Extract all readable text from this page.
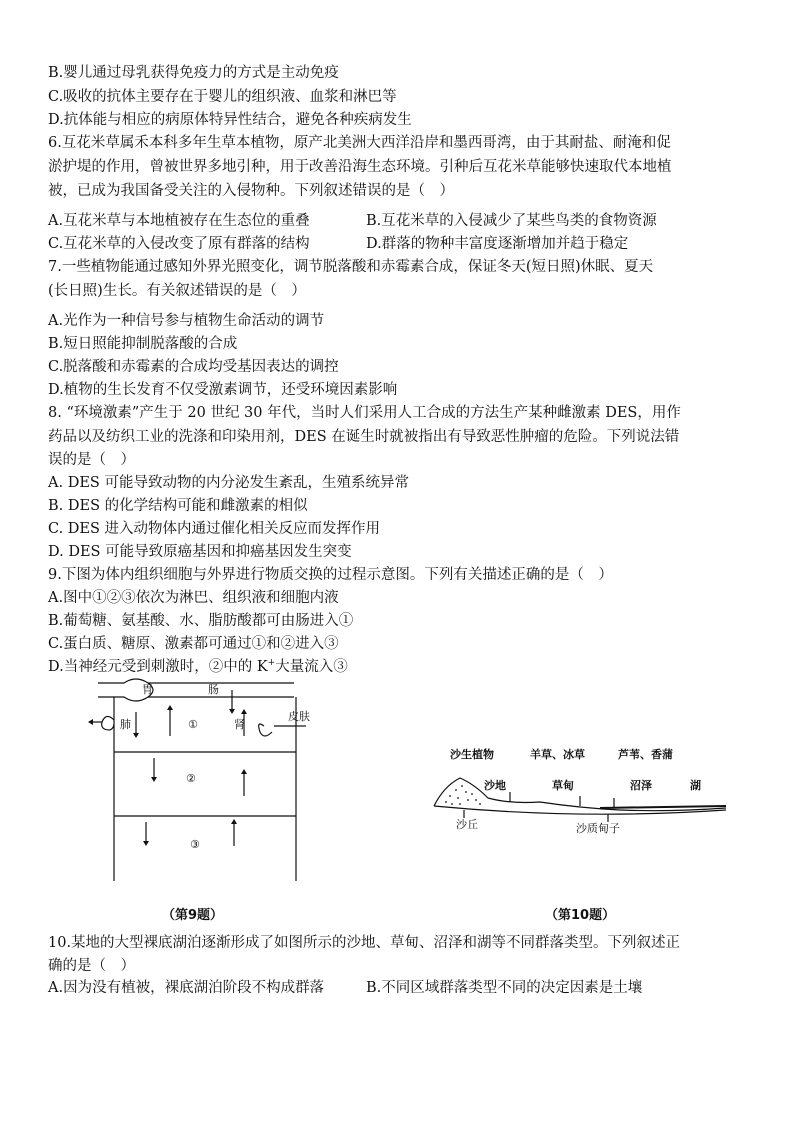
B.婴儿通过母乳获得免疫力的方式是主动免疫
C.吸收的抗体主要存在于婴儿的组织液、血浆和淋巴等
D.抗体能与相应的病原体特异性结合，避免各种疾病发生
6.互花米草属禾本科多年生草本植物，原产北美洲大西洋沿岸和墨西哥湾，由于其耐盐、耐淹和促
淤护堤的作用，曾被世界多地引种，用于改善沿海生态环境。引种后互花米草能够快速取代本地植
被，已成为我国备受关注的入侵物种。下列叙述错误的是（　）
A.互花米草与本地植被存在生态位的重叠	B.互花米草的入侵减少了某些鸟类的食物资源
C.互花米草的入侵改变了原有群落的结构	D.群落的物种丰富度逐渐增加并趋于稳定
7.一些植物能通过感知外界光照变化，调节脱落酸和赤霉素合成，保证冬天(短日照)休眠、夏天
(长日照)生长。有关叙述错误的是（　）
A.光作为一种信号参与植物生命活动的调节
B.短日照能抑制脱落酸的合成
C.脱落酸和赤霉素的合成均受基因表达的调控
D.植物的生长发育不仅受激素调节，还受环境因素影响
8. “环境激素”产生于 20 世纪 30 年代，当时人们采用人工合成的方法生产某种雌激素 DES，用作
药品以及纺织工业的洗涤和印染用剂，DES 在诞生时就被指出有导致恶性肿瘤的危险。下列说法错
误的是（　）
A. DES 可能导致动物的内分泌发生紊乱，生殖系统异常
B. DES 的化学结构可能和雌激素的相似
C. DES 进入动物体内通过催化相关反应而发挥作用
D. DES 可能导致原癌基因和抑癌基因发生突变
9.下图为体内组织细胞与外界进行物质交换的过程示意图。下列有关描述正确的是（　）
A.图中①②③依次为淋巴、组织液和细胞内液
B.葡萄糖、氨基酸、水、脂肪酸都可由肠进入①
C.蛋白质、糖原、激素都可通过①和②进入③
D.当神经元受到刺激时，②中的 K+大量流入③
胃	肠
肺	①	肾
皮肤
②
③
（第9题）
沙生植物	羊草、冰草	芦苇、香蒲
沙地	草甸	沼泽	湖
沙丘	沙质甸子
（第10题）
10.某地的大型裸底湖泊逐渐形成了如图所示的沙地、草甸、沼泽和湖等不同群落类型。下列叙述正
确的是（　）
A.因为没有植被，裸底湖泊阶段不构成群落	B.不同区域群落类型不同的决定因素是土壤
